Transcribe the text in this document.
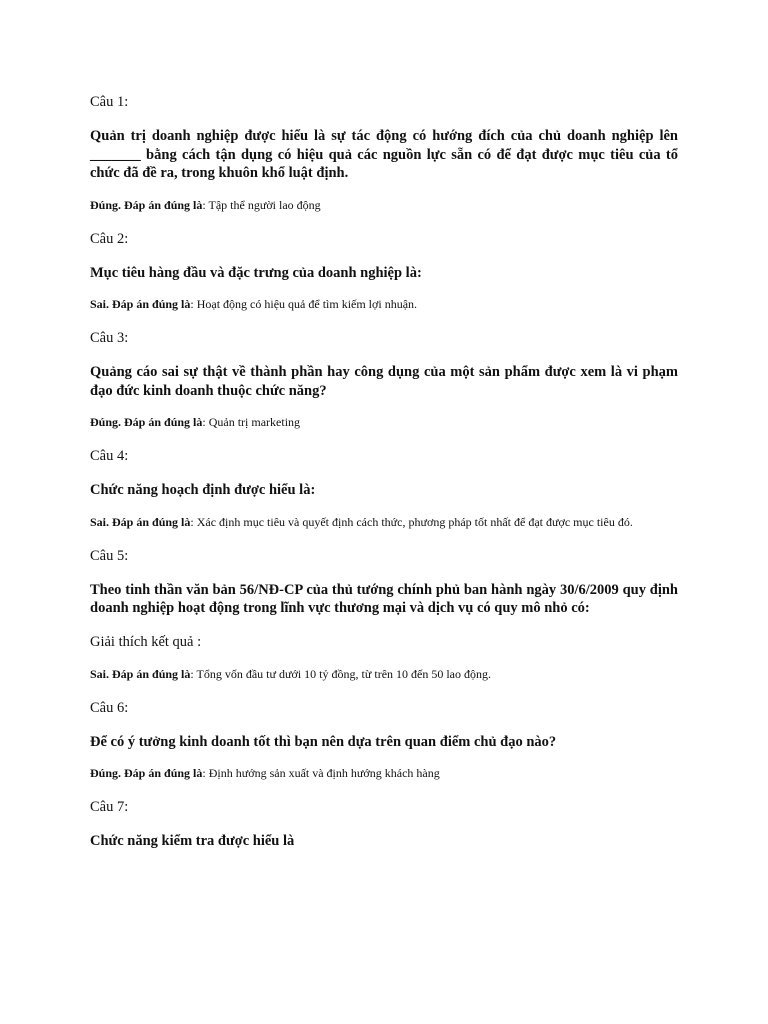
Câu 1:

Quản trị doanh nghiệp được hiểu là sự tác động có hướng đích của chủ doanh nghiệp lên _______ bằng cách tận dụng có hiệu quả các nguồn lực sẵn có để đạt được mục tiêu của tổ chức đã đề ra, trong khuôn khổ luật định.

Đúng. Đáp án đúng là: Tập thể người lao động

Câu 2:

Mục tiêu hàng đầu và đặc trưng của doanh nghiệp là:

Sai. Đáp án đúng là: Hoạt động có hiệu quả để tìm kiếm lợi nhuận.

Câu 3:

Quảng cáo sai sự thật về thành phần hay công dụng của một sản phẩm được xem là vi phạm đạo đức kinh doanh thuộc chức năng?

Đúng. Đáp án đúng là: Quản trị marketing

Câu 4:

Chức năng hoạch định được hiểu là:

Sai. Đáp án đúng là: Xác định mục tiêu và quyết định cách thức, phương pháp tốt nhất để đạt được mục tiêu đó.

Câu 5:

Theo tinh thần văn bản 56/NĐ-CP của thủ tướng chính phủ ban hành ngày 30/6/2009 quy định doanh nghiệp hoạt động trong lĩnh vực thương mại và dịch vụ có quy mô nhỏ có:

Giải thích kết quả :

Sai. Đáp án đúng là: Tổng vốn đầu tư dưới 10 tỷ đồng, từ trên 10 đến 50 lao động.

Câu 6:

Để có ý tưởng kinh doanh tốt thì bạn nên dựa trên quan điểm chủ đạo nào?

Đúng. Đáp án đúng là: Định hướng sản xuất và định hướng khách hàng

Câu 7:

Chức năng kiểm tra được hiểu là
